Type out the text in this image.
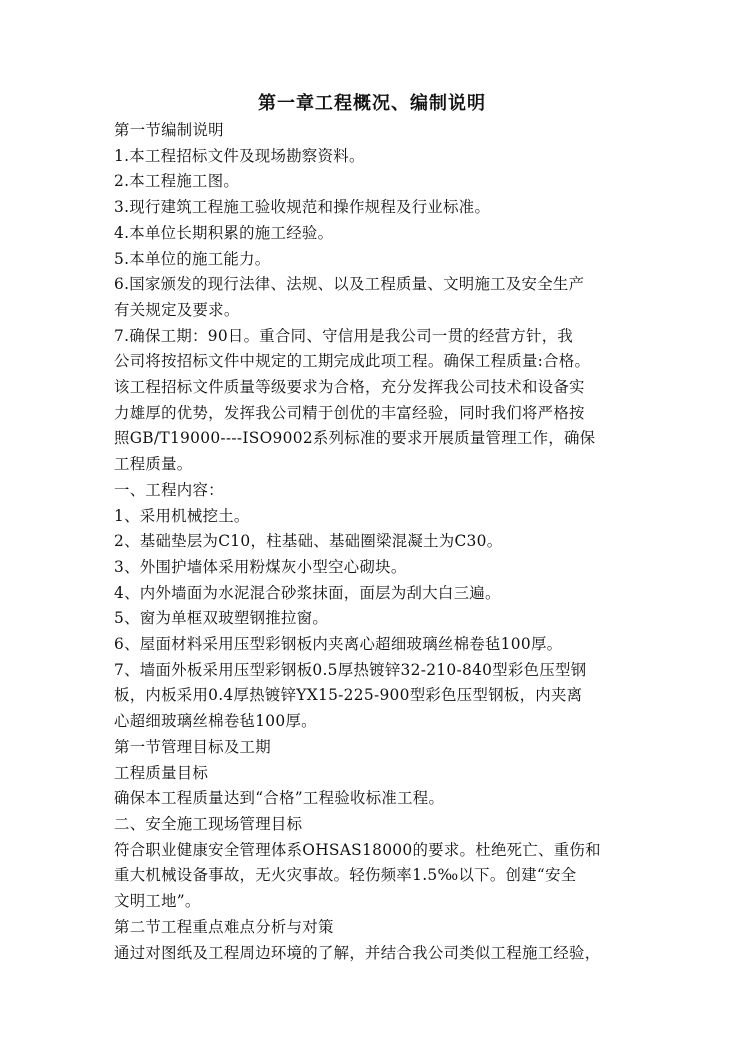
第一章工程概况、编制说明
第一节编制说明
1.本工程招标文件及现场勘察资料。
2.本工程施工图。
3.现行建筑工程施工验收规范和操作规程及行业标准。
4.本单位长期积累的施工经验。
5.本单位的施工能力。
6.国家颁发的现行法律、法规、以及工程质量、文明施工及安全生产
有关规定及要求。
7.确保工期：90日。重合同、守信用是我公司一贯的经营方针，我
公司将按招标文件中规定的工期完成此项工程。确保工程质量:合格。
该工程招标文件质量等级要求为合格，充分发挥我公司技术和设备实
力雄厚的优势，发挥我公司精于创优的丰富经验，同时我们将严格按
照GB/T19000----ISO9002系列标准的要求开展质量管理工作，确保
工程质量。
一、工程内容：
1、采用机械挖土。
2、基础垫层为C10，柱基础、基础圈梁混凝土为C30。
3、外围护墙体采用粉煤灰小型空心砌块。
4、内外墙面为水泥混合砂浆抹面，面层为刮大白三遍。
5、窗为单框双玻塑钢推拉窗。
6、屋面材料采用压型彩钢板内夹离心超细玻璃丝棉卷毡100厚。
7、墙面外板采用压型彩钢板0.5厚热镀锌32-210-840型彩色压型钢
板，内板采用0.4厚热镀锌YX15-225-900型彩色压型钢板，内夹离
心超细玻璃丝棉卷毡100厚。
第一节管理目标及工期
工程质量目标
确保本工程质量达到“合格”工程验收标准工程。
二、安全施工现场管理目标
符合职业健康安全管理体系OHSAS18000的要求。杜绝死亡、重伤和
重大机械设备事故，无火灾事故。轻伤频率1.5‰以下。创建“安全
文明工地”。
第二节工程重点难点分析与对策
通过对图纸及工程周边环境的了解，并结合我公司类似工程施工经验，
